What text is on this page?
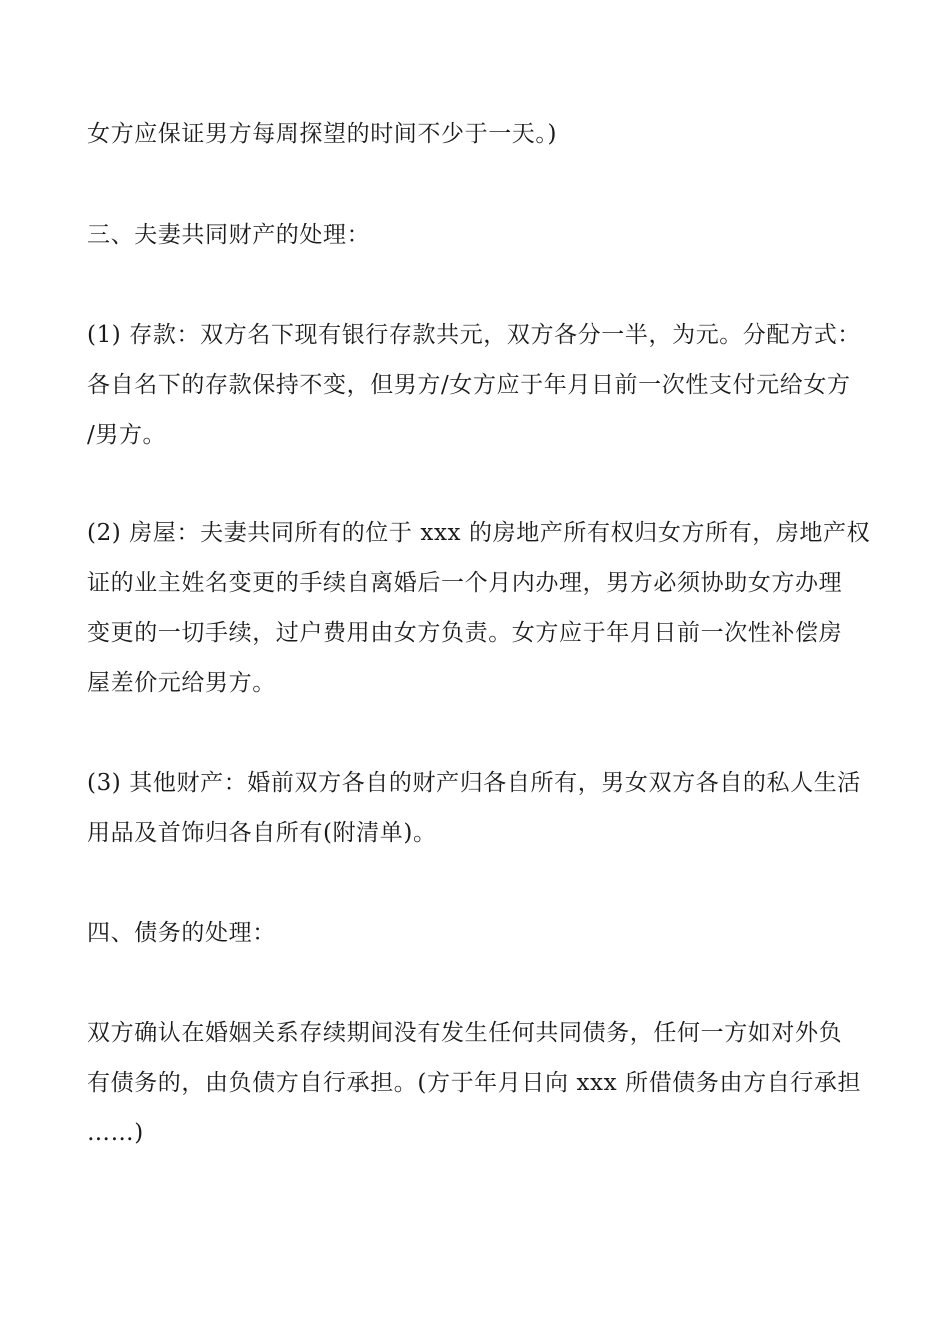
女方应保证男方每周探望的时间不少于一天。)

三、夫妻共同财产的处理：

(1) 存款：双方名下现有银行存款共元，双方各分一半，为元。分配方式：
各自名下的存款保持不变，但男方/女方应于年月日前一次性支付元给女方
/男方。

(2) 房屋：夫妻共同所有的位于 xxx 的房地产所有权归女方所有，房地产权
证的业主姓名变更的手续自离婚后一个月内办理，男方必须协助女方办理
变更的一切手续，过户费用由女方负责。女方应于年月日前一次性补偿房
屋差价元给男方。

(3) 其他财产：婚前双方各自的财产归各自所有，男女双方各自的私人生活
用品及首饰归各自所有(附清单)。

四、债务的处理：

双方确认在婚姻关系存续期间没有发生任何共同债务，任何一方如对外负
有债务的，由负债方自行承担。(方于年月日向 xxx 所借债务由方自行承担
……)
